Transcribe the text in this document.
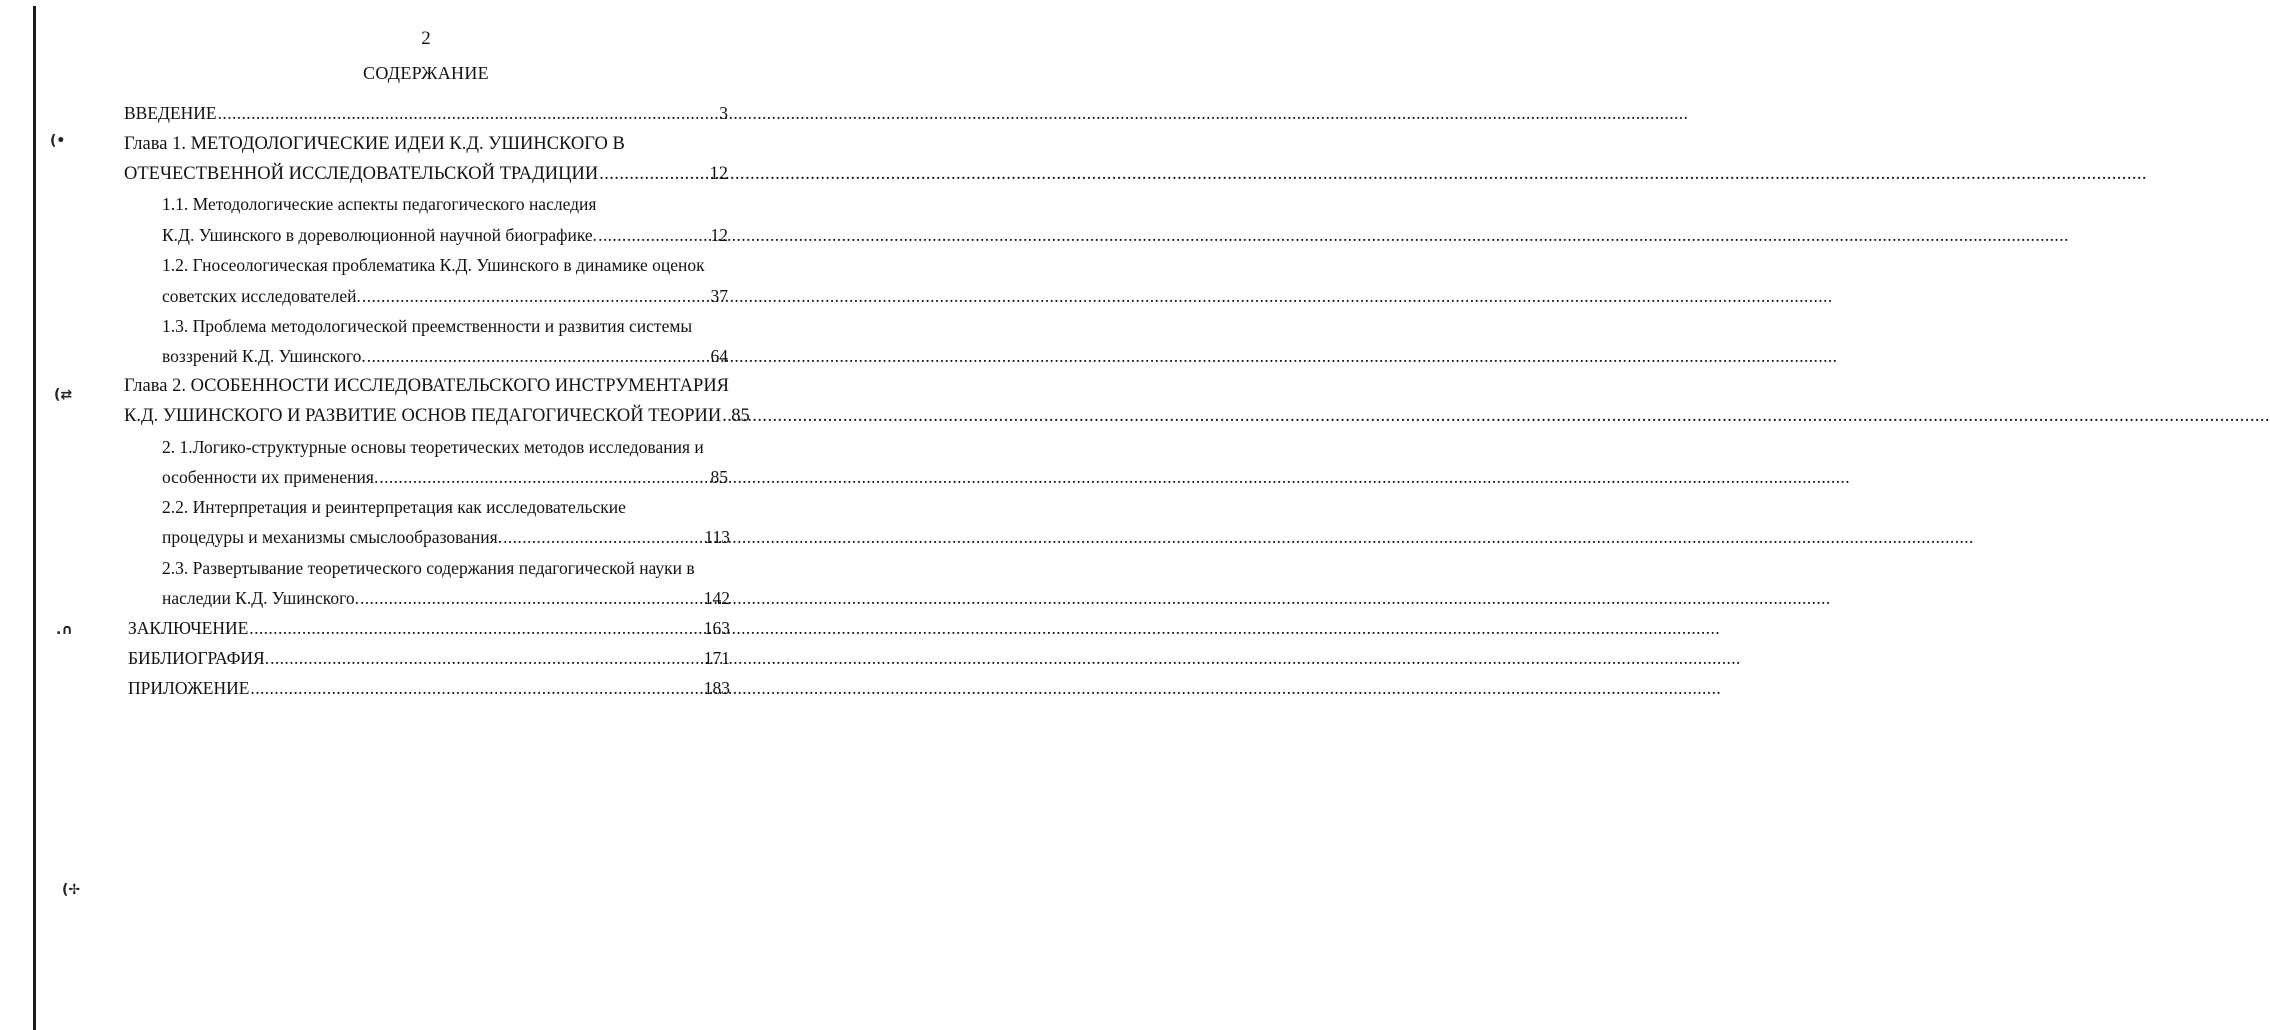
2
СОДЕРЖАНИЕ
ВВЕДЕНИЕ .....	3
Глава 1. МЕТОДОЛОГИЧЕСКИЕ ИДЕИ К.Д. УШИНСКОГО В
ОТЕЧЕСТВЕННОЙ ИССЛЕДОВАТЕЛЬСКОЙ ТРАДИЦИИ .....	12
1.1. Методологические аспекты педагогического наследия
К.Д. Ушинского в дореволюционной научной биографике. .....	12
1.2. Гносеологическая проблематика К.Д. Ушинского в динамике оценок
советских исследователей. .....	37
1.3. Проблема методологической преемственности и развития системы
воззрений К.Д. Ушинского. .....	64
Глава 2. ОСОБЕННОСТИ ИССЛЕДОВАТЕЛЬСКОГО ИНСТРУМЕНТАРИЯ
К.Д. УШИНСКОГО И РАЗВИТИЕ ОСНОВ ПЕДАГОГИЧЕСКОЙ ТЕОРИИ ..... 85
2. 1.Логико-структурные основы теоретических методов исследования и
особенности их применения. .....	85
2.2. Интерпретация и реинтерпретация как исследовательские
процедуры и механизмы смыслообразования. .....	113
2.3. Развертывание теоретического содержания педагогической науки в
наследии К.Д. Ушинского. .....	142
ЗАКЛЮЧЕНИЕ .....	163
БИБЛИОГРАФИЯ. .....	171
ПРИЛОЖЕНИЕ .....	183
(•
(⇄
.∩
(✢
